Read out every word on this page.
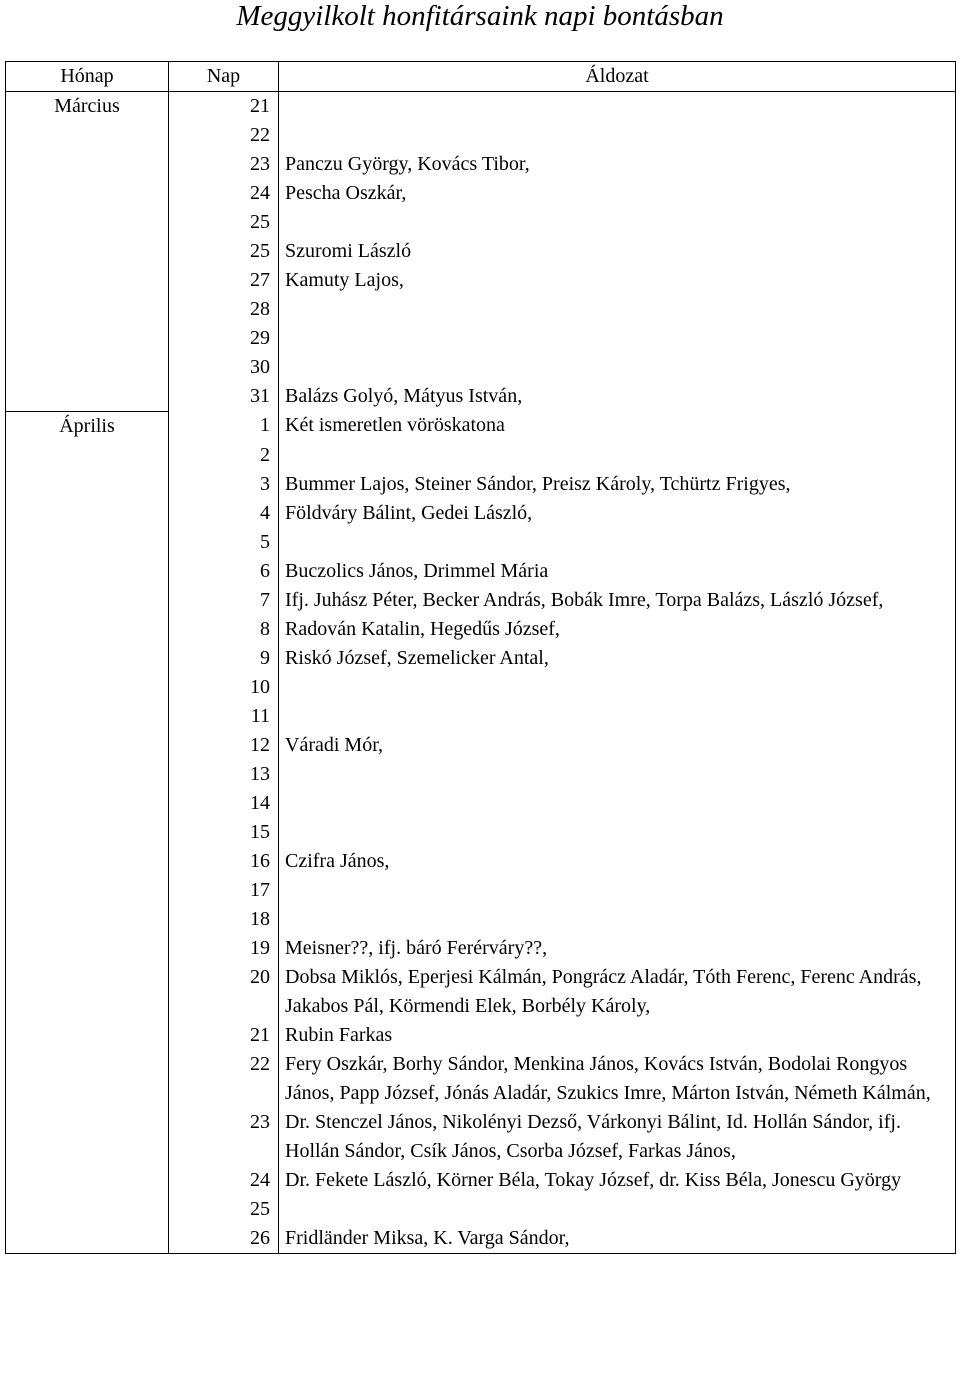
Meggyilkolt honfitársaink napi bontásban
Hónap	Nap	Áldozat
Március	21	
	22	
	23	Panczu György, Kovács Tibor,
	24	Pescha Oszkár,
	25	
	25	Szuromi László
	27	Kamuty Lajos,
	28	
	29	
	30	
	31	Balázs Golyó, Mátyus István,
Április	1	Két ismeretlen vöröskatona
	2	
	3	Bummer Lajos, Steiner Sándor, Preisz Károly, Tchürtz Frigyes,
	4	Földváry Bálint, Gedei László,
	5	
	6	Buczolics János, Drimmel Mária
	7	Ifj. Juhász Péter, Becker András, Bobák Imre, Torpa Balázs, László József,
	8	Radován Katalin, Hegedűs József,
	9	Riskó József, Szemelicker Antal,
	10	
	11	
	12	Váradi Mór,
	13	
	14	
	15	
	16	Czifra János,
	17	
	18	
	19	Meisner??, ifj. báró Ferérváry??,
	20	Dobsa Miklós, Eperjesi Kálmán, Pongrácz Aladár, Tóth Ferenc, Ferenc András, Jakabos Pál, Körmendi Elek, Borbély Károly,
	21	Rubin Farkas
	22	Fery Oszkár, Borhy Sándor, Menkina János, Kovács István, Bodolai Rongyos János, Papp József, Jónás Aladár, Szukics Imre, Márton István, Németh Kálmán,
	23	Dr. Stenczel János, Nikolényi Dezső, Várkonyi Bálint, Id. Hollán Sándor, ifj. Hollán Sándor, Csík János, Csorba József, Farkas János,
	24	Dr. Fekete László, Körner Béla, Tokay József, dr. Kiss Béla, Jonescu György
	25	
	26	Fridländer Miksa, K. Varga Sándor,
